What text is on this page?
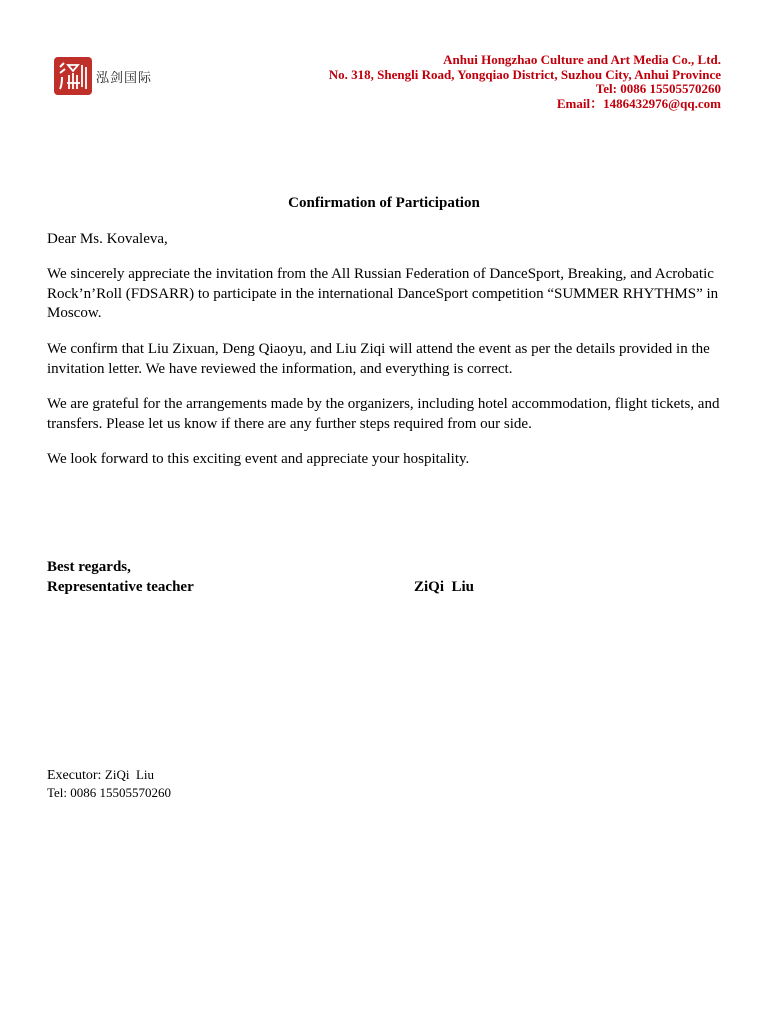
泓剑国际
Anhui Hongzhao Culture and Art Media Co., Ltd.
No. 318, Shengli Road, Yongqiao District, Suzhou City, Anhui Province
Tel: 0086 15505570260
Email：1486432976@qq.com
Confirmation of Participation
Dear Ms. Kovaleva,
We sincerely appreciate the invitation from the All Russian Federation of DanceSport, Breaking, and Acrobatic Rock’n’Roll (FDSARR) to participate in the international DanceSport competition “SUMMER RHYTHMS” in Moscow.
We confirm that Liu Zixuan, Deng Qiaoyu, and Liu Ziqi will attend the event as per the details provided in the invitation letter. We have reviewed the information, and everything is correct.
We are grateful for the arrangements made by the organizers, including hotel accommodation, flight tickets, and transfers. Please let us know if there are any further steps required from our side.
We look forward to this exciting event and appreciate your hospitality.
Best regards,
Representative teacher	ZiQi  Liu
Executor: ZiQi  Liu
Tel: 0086 15505570260
